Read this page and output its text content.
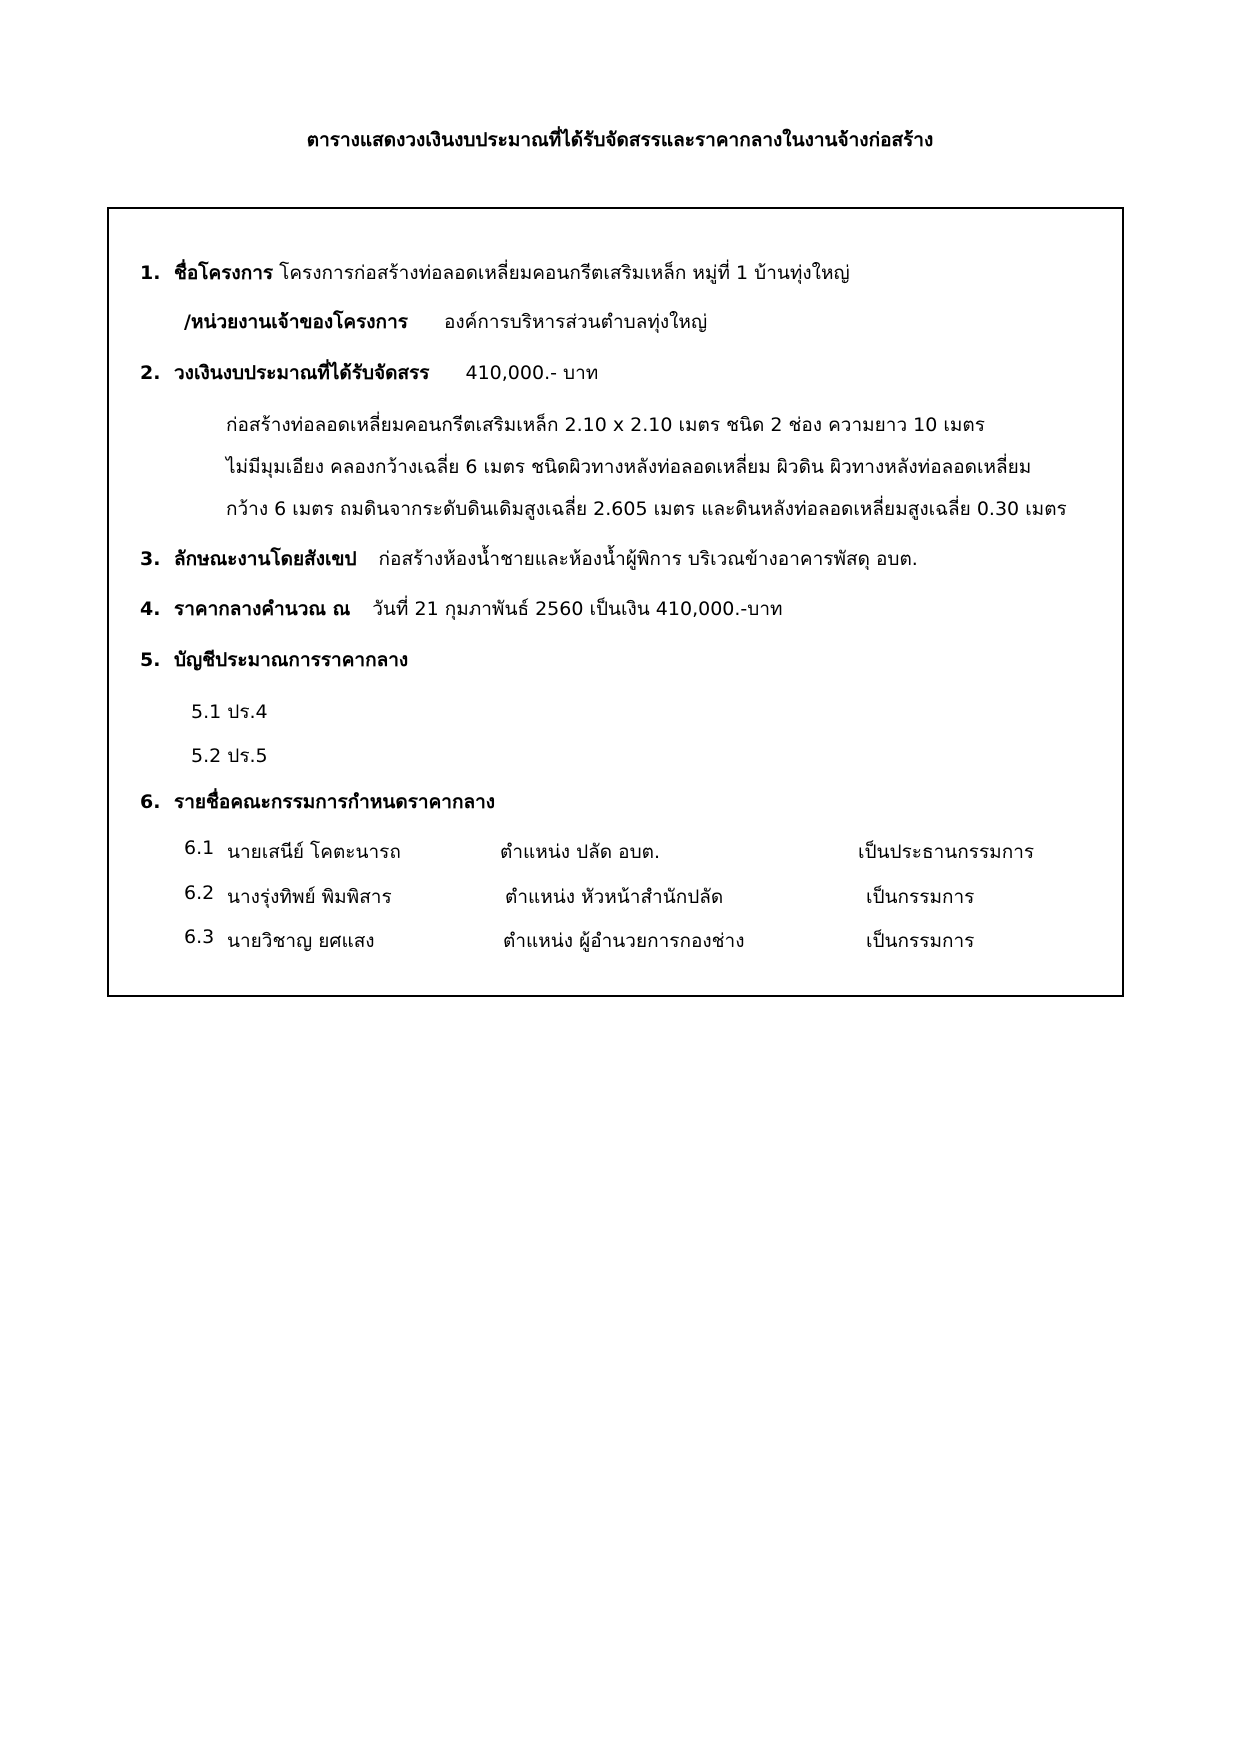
ตารางแสดงวงเงินงบประมาณที่ได้รับจัดสรรและราคากลางในงานจ้างก่อสร้าง
1. ชื่อโครงการ โครงการก่อสร้างท่อลอดเหลี่ยมคอนกรีตเสริมเหล็ก หมู่ที่ 1 บ้านทุ่งใหญ่
/หน่วยงานเจ้าของโครงการ องค์การบริหารส่วนตำบลทุ่งใหญ่
2. วงเงินงบประมาณที่ได้รับจัดสรร 410,000.- บาท
ก่อสร้างท่อลอดเหลี่ยมคอนกรีตเสริมเหล็ก 2.10 x 2.10 เมตร ชนิด 2 ช่อง ความยาว 10 เมตร
ไม่มีมุมเอียง คลองกว้างเฉลี่ย 6 เมตร ชนิดผิวทางหลังท่อลอดเหลี่ยม ผิวดิน ผิวทางหลังท่อลอดเหลี่ยม
กว้าง 6 เมตร ถมดินจากระดับดินเดิมสูงเฉลี่ย 2.605 เมตร และดินหลังท่อลอดเหลี่ยมสูงเฉลี่ย 0.30 เมตร
3. ลักษณะงานโดยสังเขป ก่อสร้างห้องน้ำชายและห้องน้ำผู้พิการ บริเวณข้างอาคารพัสดุ อบต.
4. ราคากลางคำนวณ ณ วันที่ 21 กุมภาพันธ์ 2560 เป็นเงิน 410,000.-บาท
5. บัญชีประมาณการราคากลาง
5.1 ปร.4
5.2 ปร.5
6. รายชื่อคณะกรรมการกำหนดราคากลาง
6.1 นายเสนีย์ โคตะนารถ	ตำแหน่ง ปลัด อบต.	เป็นประธานกรรมการ
6.2 นางรุ่งทิพย์ พิมพิสาร	ตำแหน่ง หัวหน้าสำนักปลัด	เป็นกรรมการ
6.3 นายวิชาญ ยศแสง	ตำแหน่ง ผู้อำนวยการกองช่าง	เป็นกรรมการ
